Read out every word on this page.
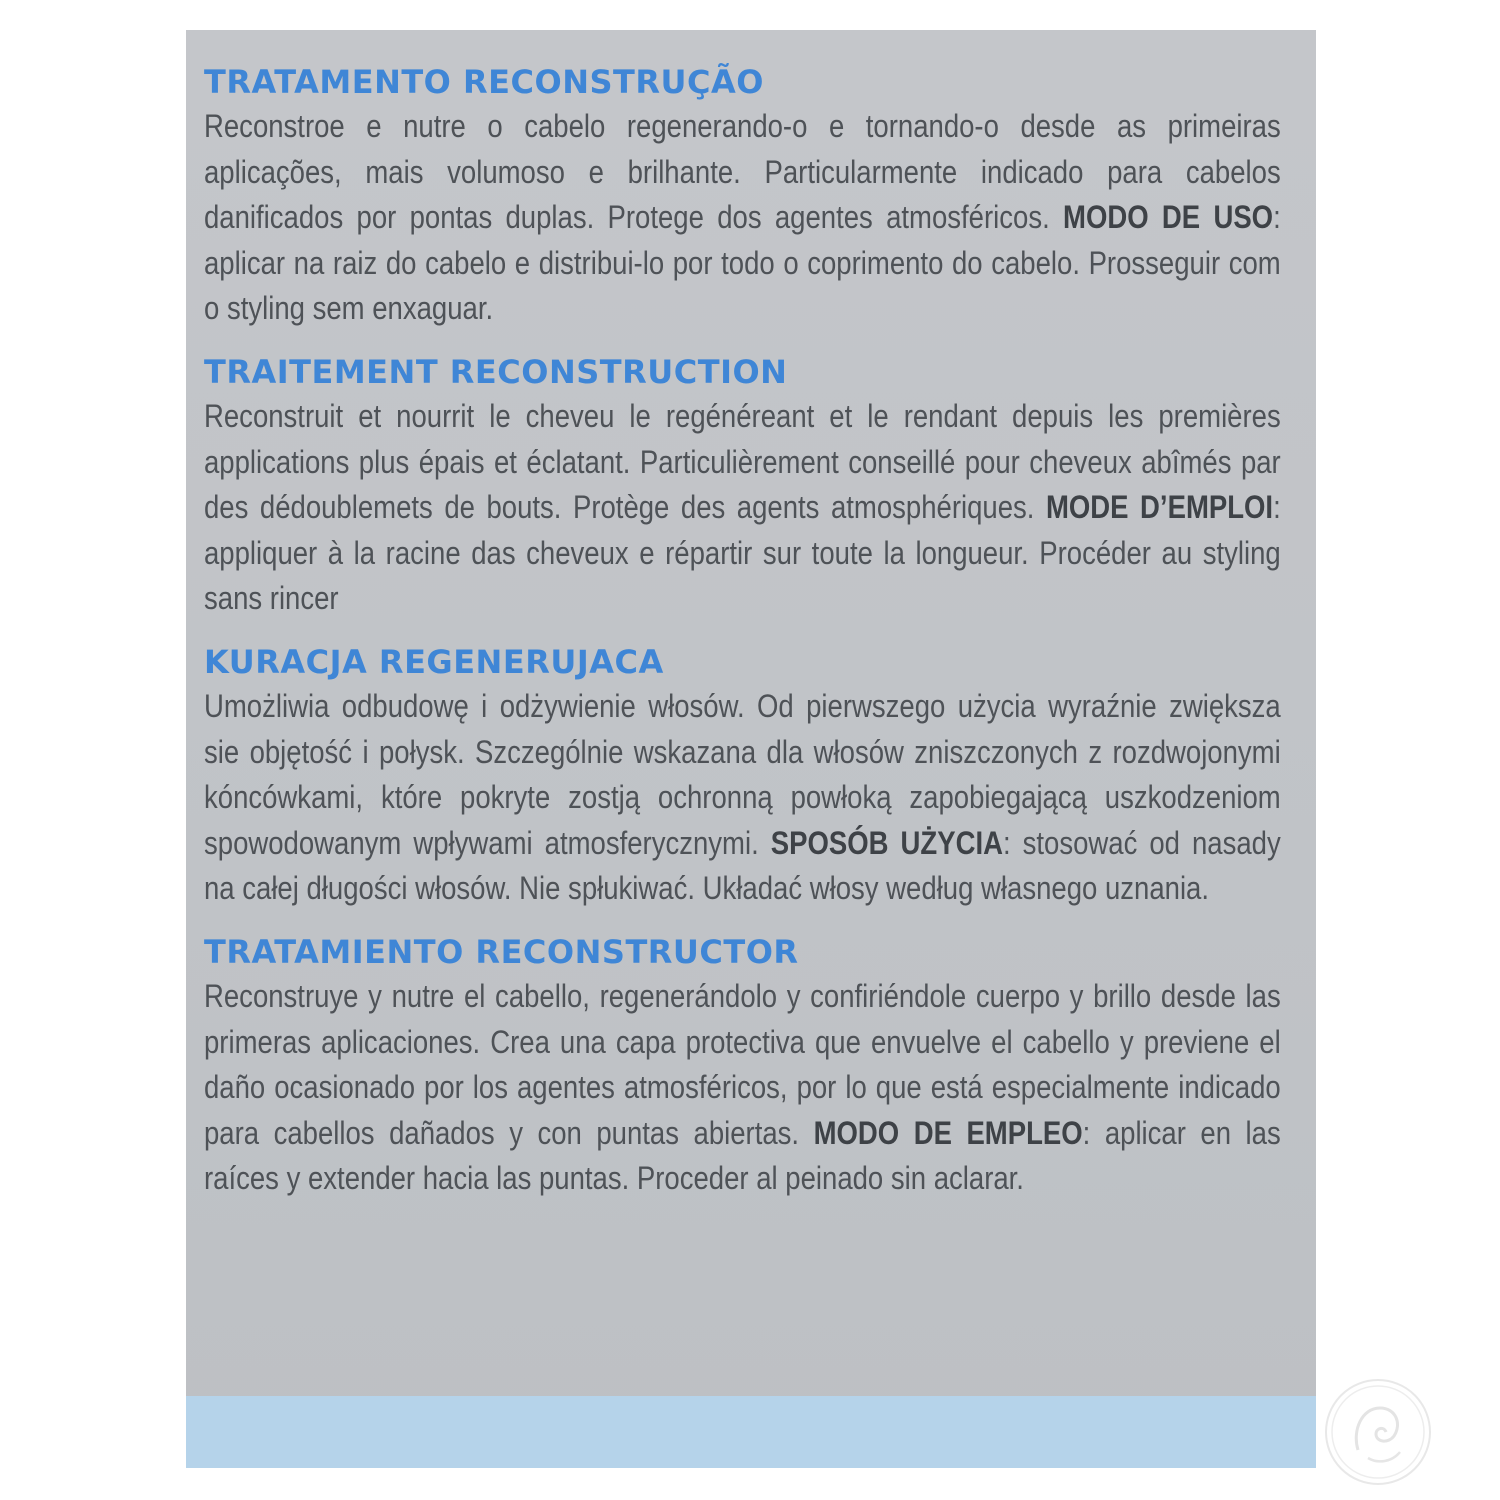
TRATAMENTO RECONSTRUÇÃO

Reconstroe e nutre o cabelo regenerando-o e tornando-o desde as primeiras aplicações, mais volumoso e brilhante. Particularmente indicado para cabelos danificados por pontas duplas. Protege dos agentes atmosféricos. MODO DE USO: aplicar na raiz do cabelo e distribui-lo por todo o coprimento do cabelo. Prosseguir com o styling sem enxaguar.

TRAITEMENT RECONSTRUCTION

Reconstruit et nourrit le cheveu le regénéreant et le rendant depuis les premières applications plus épais et éclatant. Particulièrement conseillé pour cheveux abîmés par des dédoublemets de bouts. Protège des agents atmosphériques. MODE D’EMPLOI: appliquer à la racine das cheveux e répartir sur toute la longueur. Procéder au styling sans rincer

KURACJA REGENERUJACA

Umożliwia odbudowę i odżywienie włosów. Od pierwszego użycia wyraźnie zwiększa sie objętość i połysk. Szczególnie wskazana dla włosów zniszczonych z rozdwojonymi kóncówkami, które pokryte zostją ochronną powłoką zapobiegającą uszkodzeniom spowodowanym wpływami atmosferycznymi. SPOSÓB UŻYCIA: stosować od nasady na całej długości włosów. Nie spłukiwać. Układać włosy według własnego uznania.

TRATAMIENTO RECONSTRUCTOR

Reconstruye y nutre el cabello, regenerándolo y confiriéndole cuerpo y brillo desde las primeras aplicaciones. Crea una capa protectiva que envuelve el cabello y previene el daño ocasionado por los agentes atmosféricos, por lo que está especialmente indicado para cabellos dañados y con puntas abiertas. MODO DE EMPLEO: aplicar en las raíces y extender hacia las puntas. Proceder al peinado sin aclarar.
